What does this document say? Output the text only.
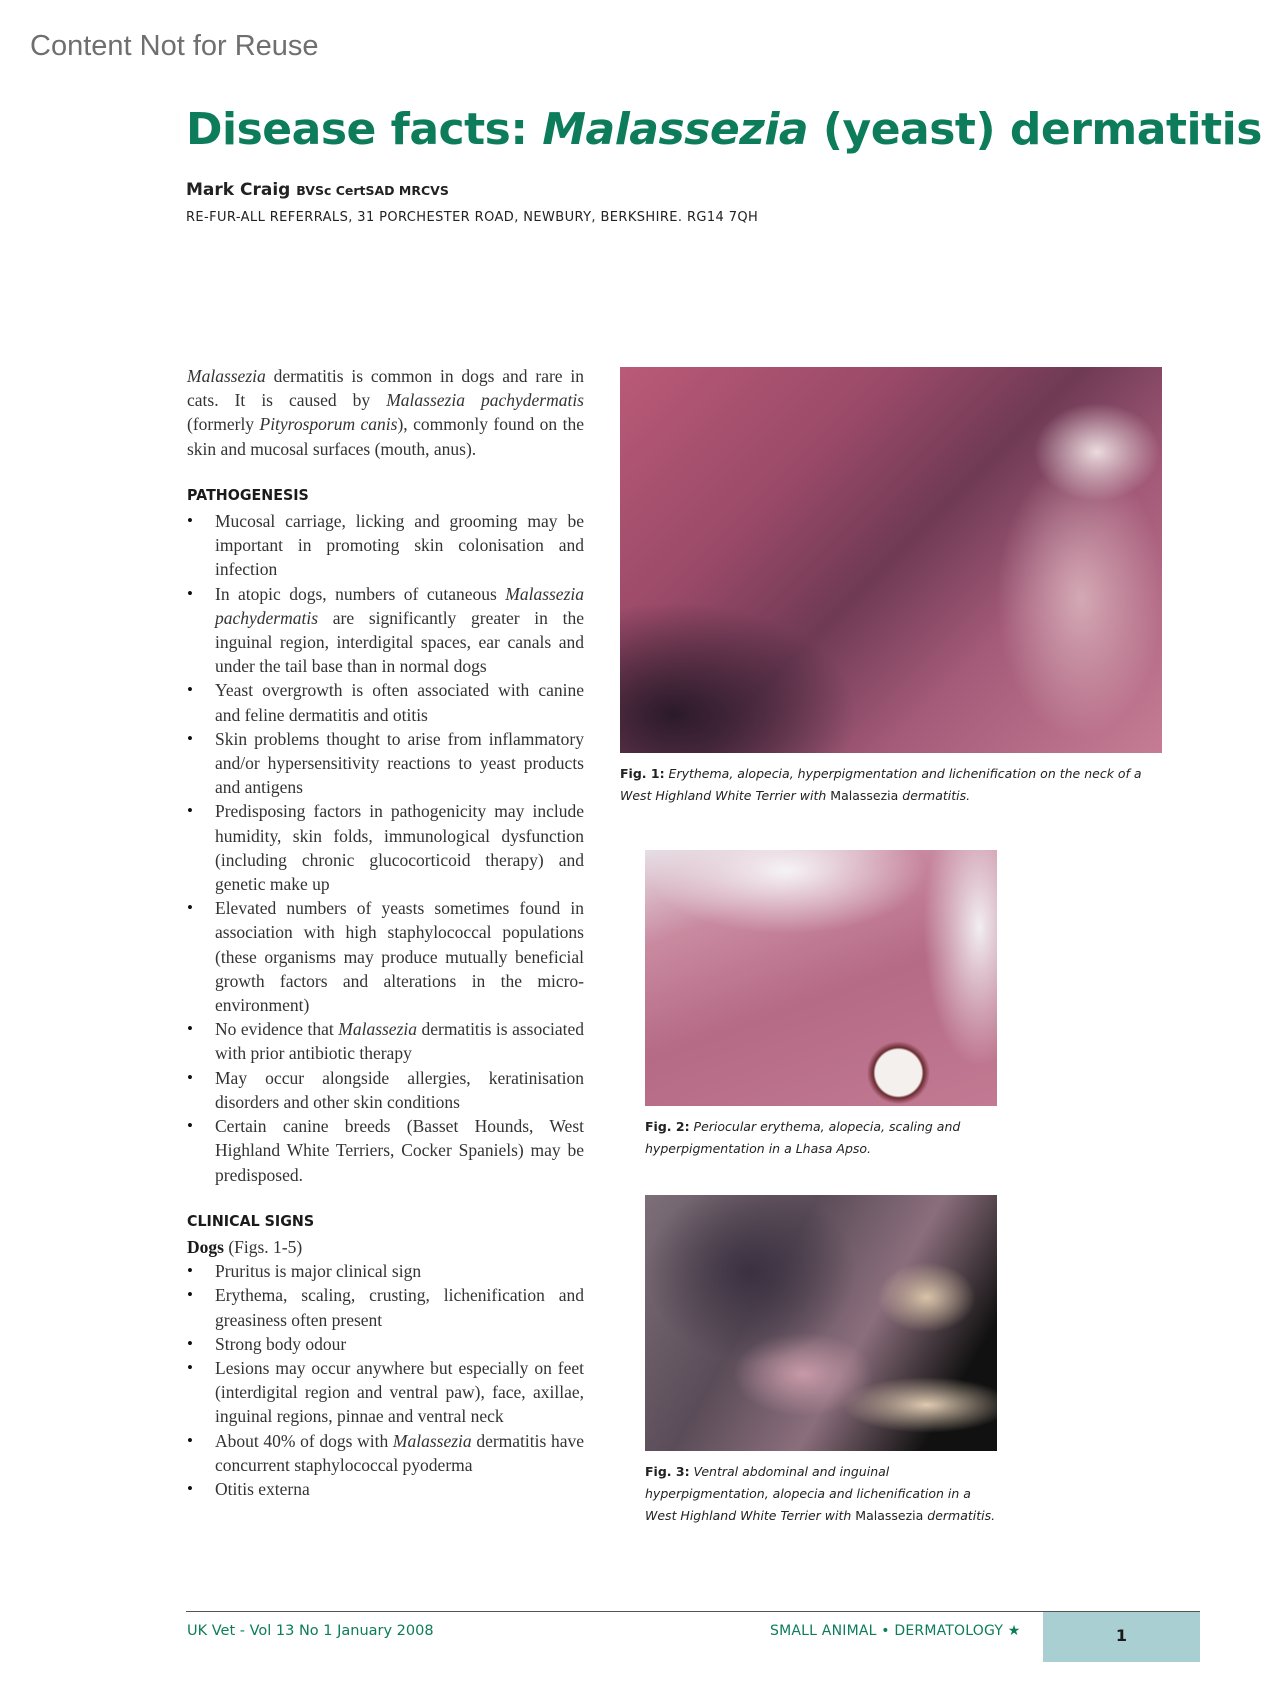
Content Not for Reuse
Disease facts: Malassezia (yeast) dermatitis
Mark Craig BVSc CertSAD MRCVS
RE-FUR-ALL REFERRALS, 31 PORCHESTER ROAD, NEWBURY, BERKSHIRE. RG14 7QH

Malassezia dermatitis is common in dogs and rare in cats. It is caused by Malassezia pachydermatis (formerly Pityrosporum canis), commonly found on the skin and mucosal surfaces (mouth, anus).

PATHOGENESIS
• Mucosal carriage, licking and grooming may be important in promoting skin colonisation and infection
• In atopic dogs, numbers of cutaneous Malassezia pachydermatis are significantly greater in the inguinal region, interdigital spaces, ear canals and under the tail base than in normal dogs
• Yeast overgrowth is often associated with canine and feline dermatitis and otitis
• Skin problems thought to arise from inflammatory and/or hypersensitivity reactions to yeast products and antigens
• Predisposing factors in pathogenicity may include humidity, skin folds, immunological dysfunction (including chronic glucocorticoid therapy) and genetic make up
• Elevated numbers of yeasts sometimes found in association with high staphylococcal populations (these organisms may produce mutually beneficial growth factors and alterations in the micro-environment)
• No evidence that Malassezia dermatitis is associated with prior antibiotic therapy
• May occur alongside allergies, keratinisation disorders and other skin conditions
• Certain canine breeds (Basset Hounds, West Highland White Terriers, Cocker Spaniels) may be predisposed.
CLINICAL SIGNS
Dogs (Figs. 1-5)
• Pruritus is major clinical sign
• Erythema, scaling, crusting, lichenification and greasiness often present
• Strong body odour
• Lesions may occur anywhere but especially on feet (interdigital region and ventral paw), face, axillae, inguinal regions, pinnae and ventral neck
• About 40% of dogs with Malassezia dermatitis have concurrent staphylococcal pyoderma
• Otitis externa

Fig. 1: Erythema, alopecia, hyperpigmentation and lichenification on the neck of a West Highland White Terrier with Malassezia dermatitis.

Fig. 2: Periocular erythema, alopecia, scaling and hyperpigmentation in a Lhasa Apso.

Fig. 3: Ventral abdominal and inguinal hyperpigmentation, alopecia and lichenification in a West Highland White Terrier with Malassezia dermatitis.

UK Vet - Vol 13 No 1 January 2008	SMALL ANIMAL • DERMATOLOGY ★	1
